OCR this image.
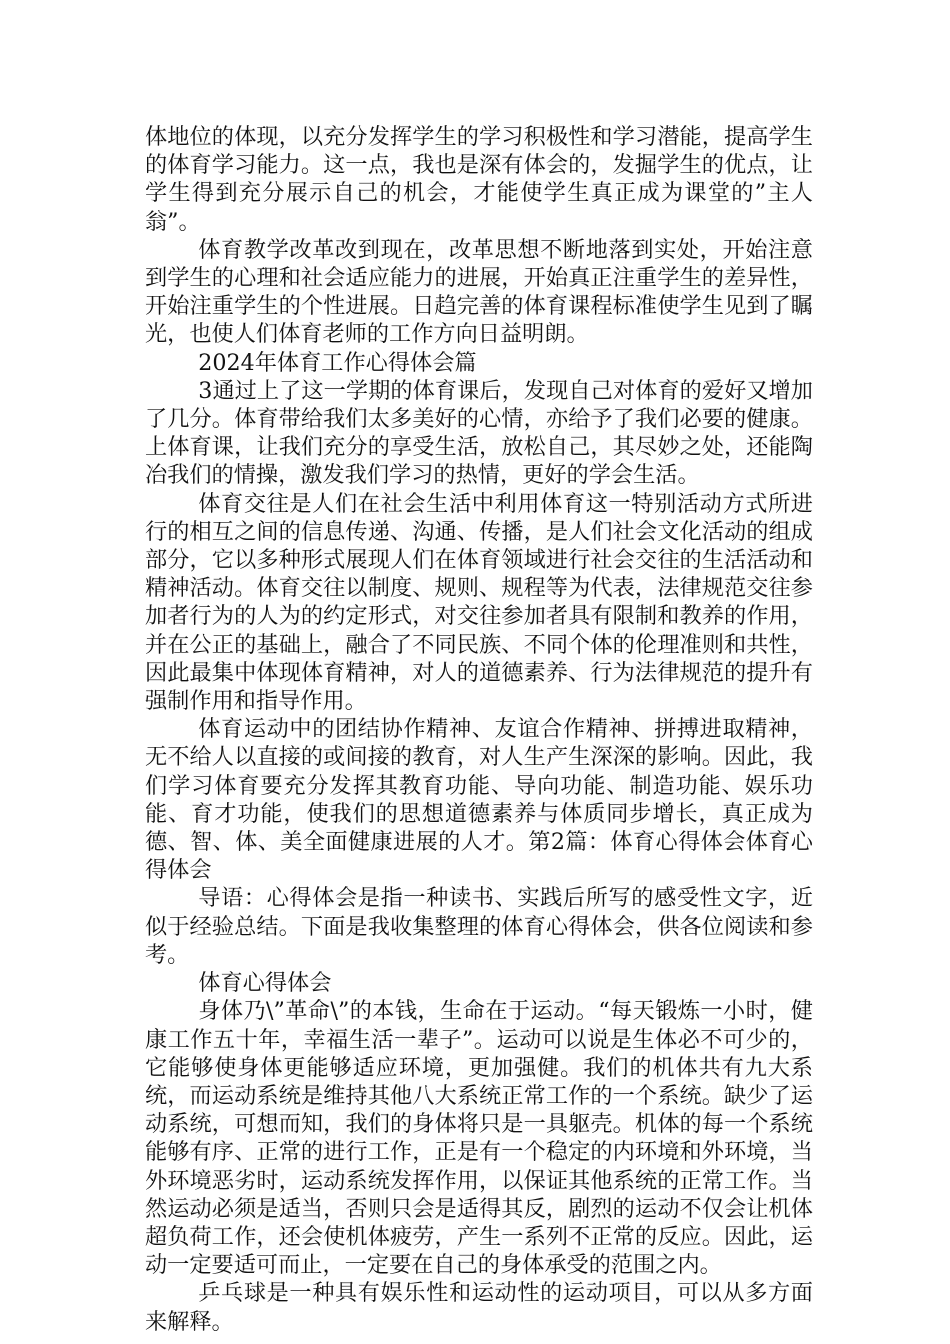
体地位的体现，以充分发挥学生的学习积极性和学习潜能，提高学生的体育学习能力。这一点，我也是深有体会的，发掘学生的优点，让学生得到充分展示自己的机会，才能使学生真正成为课堂的”主人翁”。

体育教学改革改到现在，改革思想不断地落到实处，开始注意到学生的心理和社会适应能力的进展，开始真正注重学生的差异性，开始注重学生的个性进展。日趋完善的体育课程标准使学生见到了瞩光，也使人们体育老师的工作方向日益明朗。

2024年体育工作心得体会篇

3通过上了这一学期的体育课后，发现自己对体育的爱好又增加了几分。体育带给我们太多美好的心情，亦给予了我们必要的健康。上体育课，让我们充分的享受生活，放松自己，其尽妙之处，还能陶冶我们的情操，激发我们学习的热情，更好的学会生活。

体育交往是人们在社会生活中利用体育这一特别活动方式所进行的相互之间的信息传递、沟通、传播，是人们社会文化活动的组成部分，它以多种形式展现人们在体育领域进行社会交往的生活活动和精神活动。体育交往以制度、规则、规程等为代表，法律规范交往参加者行为的人为的约定形式，对交往参加者具有限制和教养的作用，并在公正的基础上，融合了不同民族、不同个体的伦理准则和共性，因此最集中体现体育精神，对人的道德素养、行为法律规范的提升有强制作用和指导作用。

体育运动中的团结协作精神、友谊合作精神、拼搏进取精神，无不给人以直接的或间接的教育，对人生产生深深的影响。因此，我们学习体育要充分发挥其教育功能、导向功能、制造功能、娱乐功能、育才功能，使我们的思想道德素养与体质同步增长，真正成为德、智、体、美全面健康进展的人才。第2篇：体育心得体会体育心得体会

导语：心得体会是指一种读书、实践后所写的感受性文字，近似于经验总结。下面是我收集整理的体育心得体会，供各位阅读和参考。

体育心得体会

身体乃\”革命\”的本钱，生命在于运动。“每天锻炼一小时，健康工作五十年，幸福生活一辈子”。运动可以说是生体必不可少的，它能够使身体更能够适应环境，更加强健。我们的机体共有九大系统，而运动系统是维持其他八大系统正常工作的一个系统。缺少了运动系统，可想而知，我们的身体将只是一具躯壳。机体的每一个系统能够有序、正常的进行工作，正是有一个稳定的内环境和外环境，当外环境恶劣时，运动系统发挥作用，以保证其他系统的正常工作。当然运动必须是适当，否则只会是适得其反，剧烈的运动不仅会让机体超负荷工作，还会使机体疲劳，产生一系列不正常的反应。因此，运动一定要适可而止，一定要在自己的身体承受的范围之内。

乒乓球是一种具有娱乐性和运动性的运动项目，可以从多方面来解释。
